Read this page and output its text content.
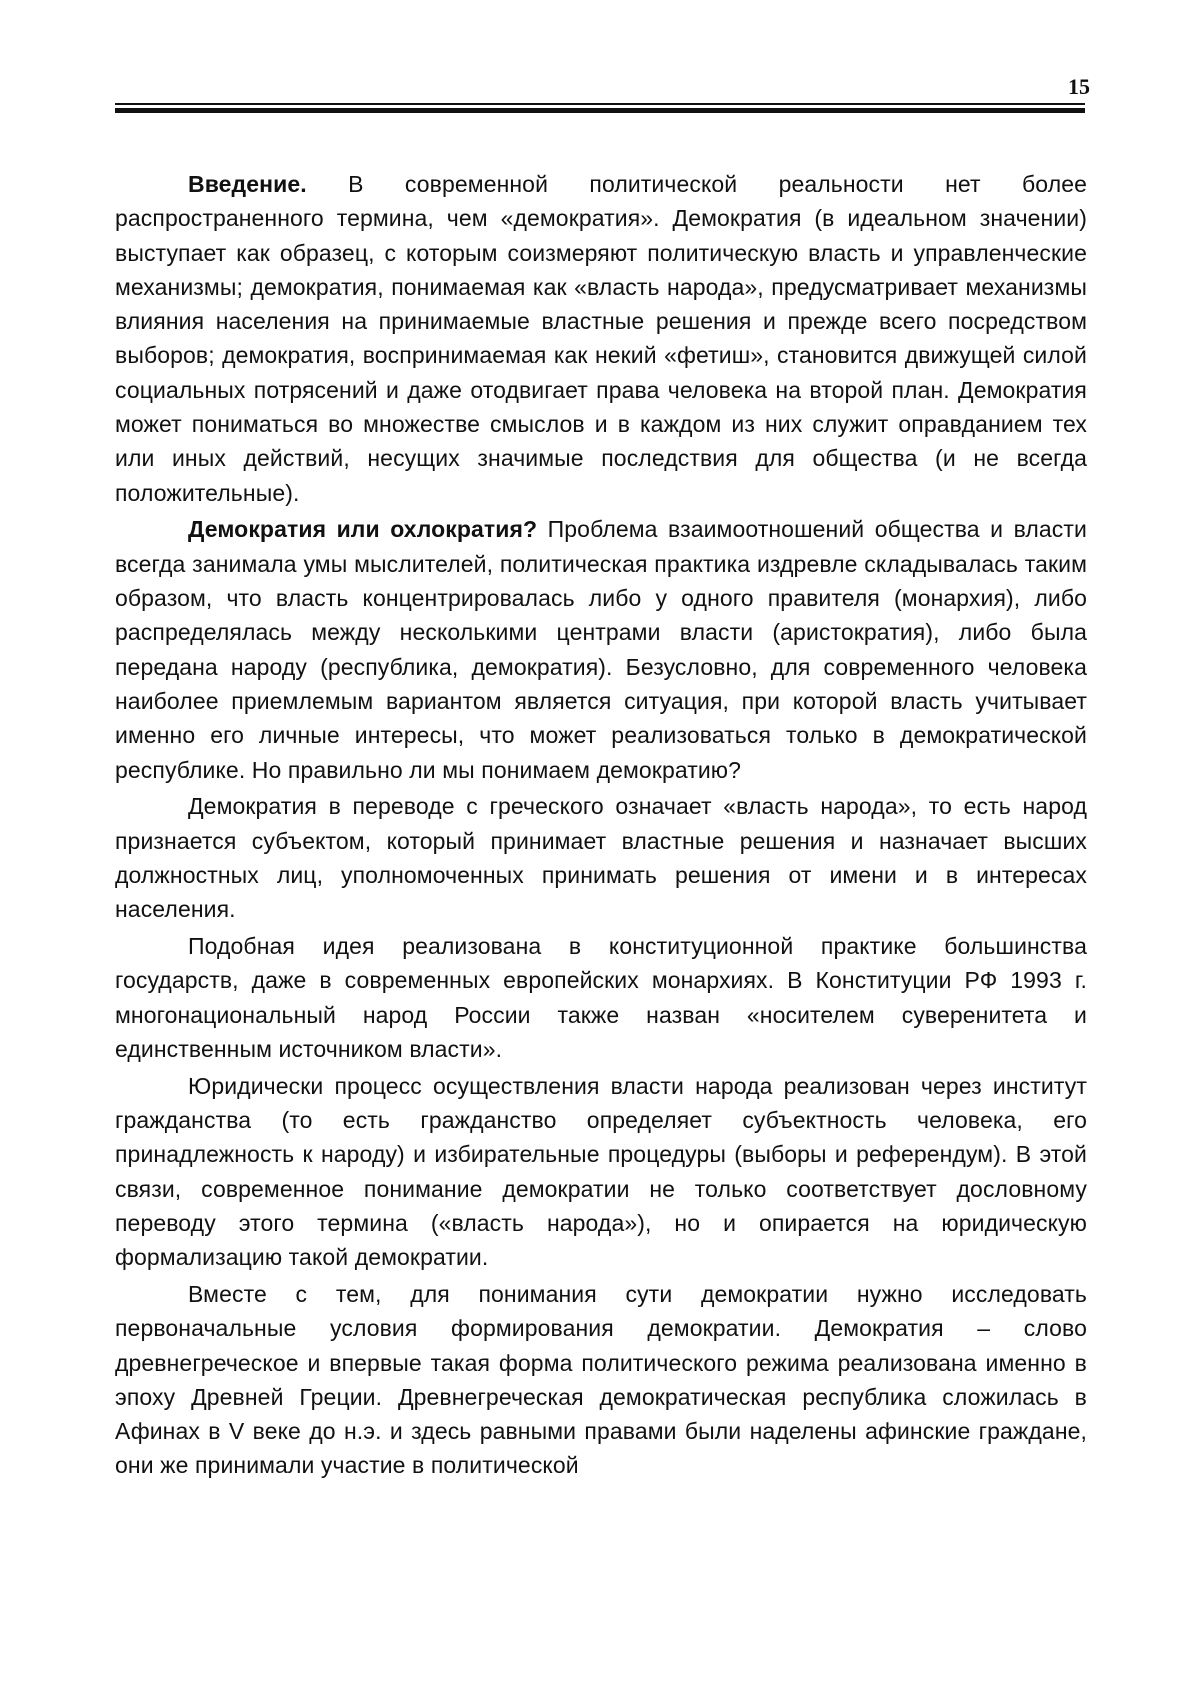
15

Введение. В современной политической реальности нет более распространенного термина, чем «демократия». Демократия (в идеальном значении) выступает как образец, с которым соизмеряют политическую власть и управленческие механизмы; демократия, понимаемая как «власть народа», предусматривает механизмы влияния населения на принимаемые властные решения и прежде всего посредством выборов; демократия, воспринимаемая как некий «фетиш», становится движущей силой социальных потрясений и даже отодвигает права человека на второй план. Демократия может пониматься во множестве смыслов и в каждом из них служит оправданием тех или иных действий, несущих значимые последствия для общества (и не всегда положительные).

Демократия или охлократия? Проблема взаимоотношений общества и власти всегда занимала умы мыслителей, политическая практика издревле складывалась таким образом, что власть концентрировалась либо у одного правителя (монархия), либо распределялась между несколькими центрами власти (аристократия), либо была передана народу (республика, демократия). Безусловно, для современного человека наиболее приемлемым вариантом является ситуация, при которой власть учитывает именно его личные интересы, что может реализоваться только в демократической республике. Но правильно ли мы понимаем демократию?

Демократия в переводе с греческого означает «власть народа», то есть народ признается субъектом, который принимает властные решения и назначает высших должностных лиц, уполномоченных принимать решения от имени и в интересах населения.

Подобная идея реализована в конституционной практике большинства государств, даже в современных европейских монархиях. В Конституции РФ 1993 г. многонациональный народ России также назван «носителем суверенитета и единственным источником власти».

Юридически процесс осуществления власти народа реализован через институт гражданства (то есть гражданство определяет субъектность человека, его принадлежность к народу) и избирательные процедуры (выборы и референдум). В этой связи, современное понимание демократии не только соответствует дословному переводу этого термина («власть народа»), но и опирается на юридическую формализацию такой демократии.

Вместе с тем, для понимания сути демократии нужно исследовать первоначальные условия формирования демократии. Демократия – слово древнегреческое и впервые такая форма политического режима реализована именно в эпоху Древней Греции. Древнегреческая демократическая республика сложилась в Афинах в V веке до н.э. и здесь равными правами были наделены афинские граждане, они же принимали участие в политической
